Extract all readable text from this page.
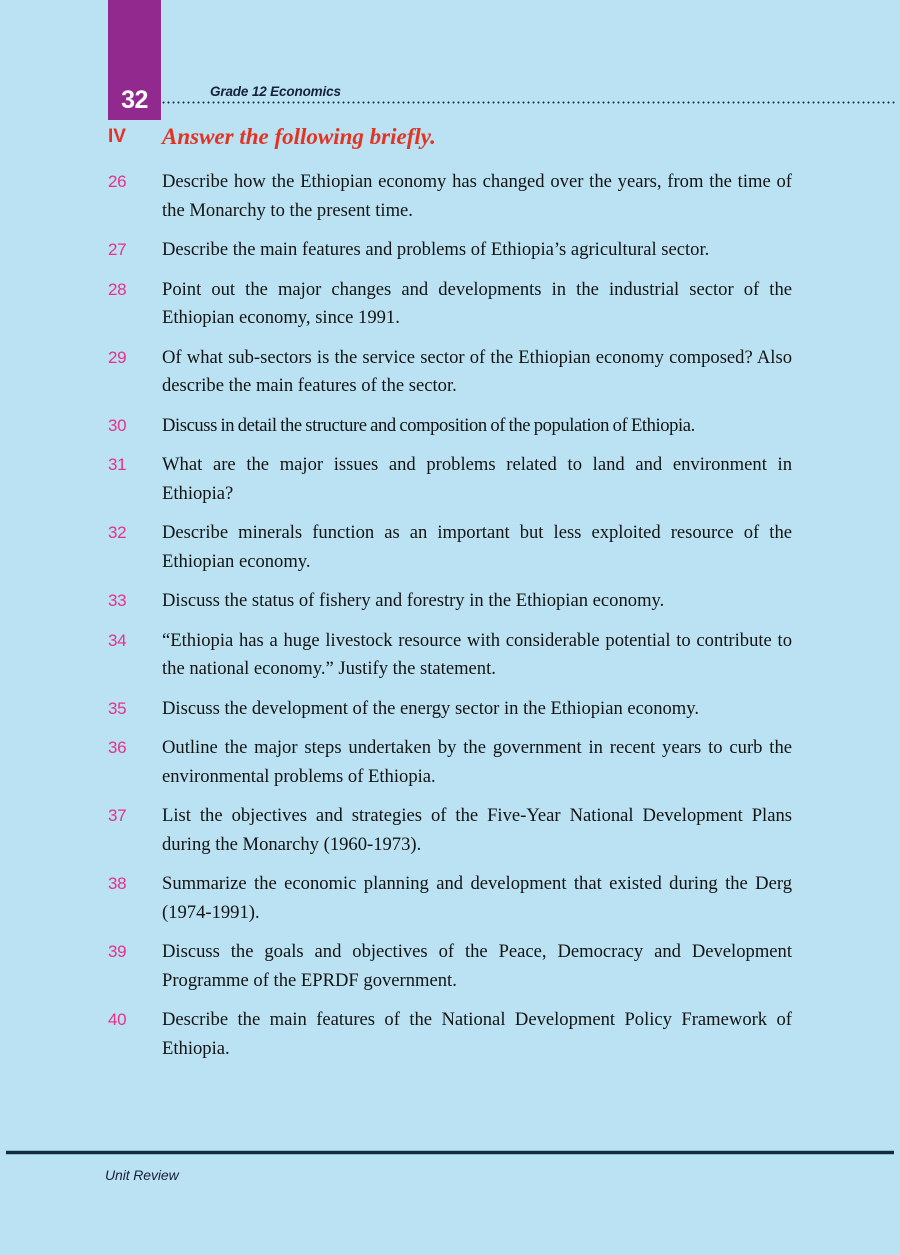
32	Grade 12 Economics
IV Answer the following briefly.
26	Describe how the Ethiopian economy has changed over the years, from the time of the Monarchy to the present time.
27	Describe the main features and problems of Ethiopia’s agricultural sector.
28	Point out the major changes and developments in the industrial sector of the Ethiopian economy, since 1991.
29	Of what sub-sectors is the service sector of the Ethiopian economy composed? Also describe the main features of the sector.
30	Discuss in detail the structure and composition of the population of Ethiopia.
31	What are the major issues and problems related to land and environment in Ethiopia?
32	Describe minerals function as an important but less exploited resource of the Ethiopian economy.
33	Discuss the status of fishery and forestry in the Ethiopian economy.
34	“Ethiopia has a huge livestock resource with considerable potential to contribute to the national economy.” Justify the statement.
35	Discuss the development of the energy sector in the Ethiopian economy.
36	Outline the major steps undertaken by the government in recent years to curb the environmental problems of Ethiopia.
37	List the objectives and strategies of the Five-Year National Development Plans during the Monarchy (1960-1973).
38	Summarize the economic planning and development that existed during the Derg (1974-1991).
39	Discuss the goals and objectives of the Peace, Democracy and Development Programme of the EPRDF government.
40	Describe the main features of the National Development Policy Framework of Ethiopia.
Unit Review
